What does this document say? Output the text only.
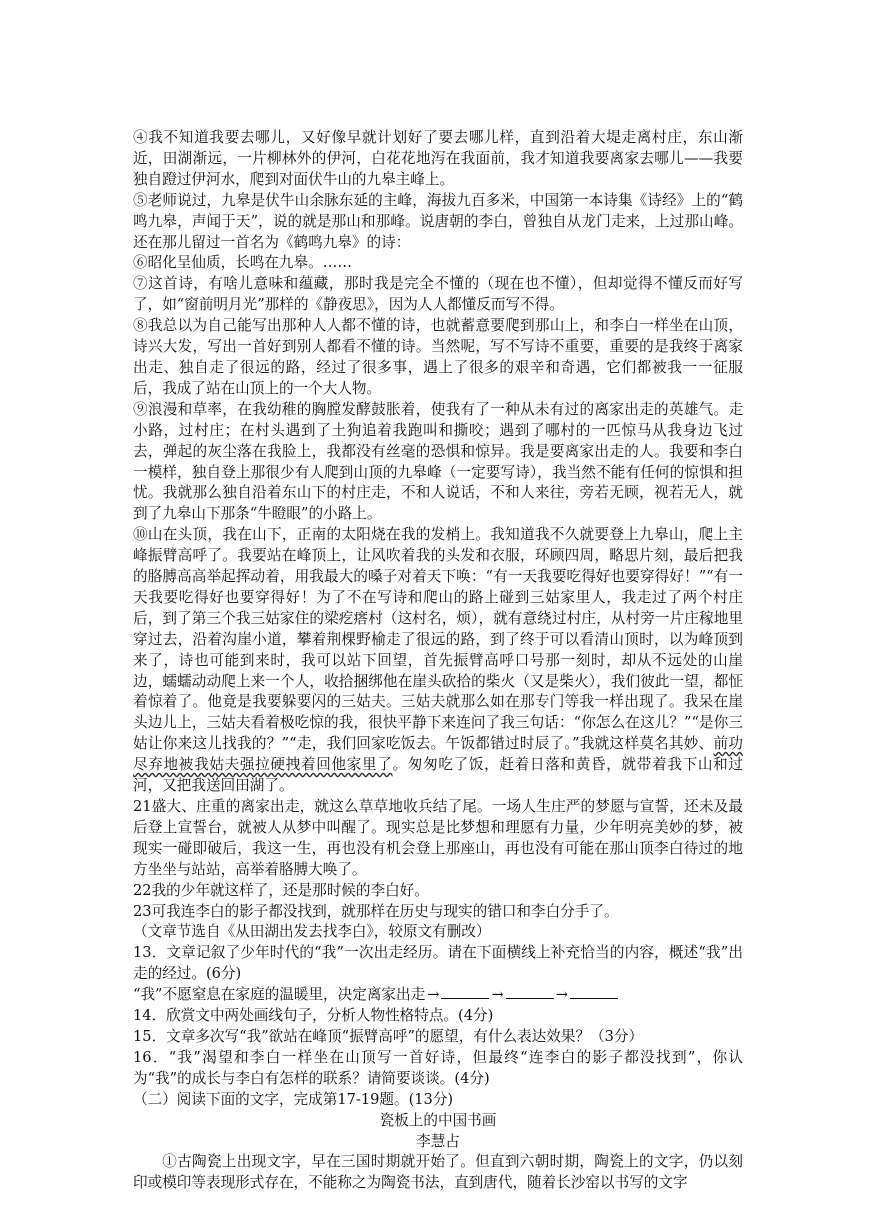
④我不知道我要去哪儿，又好像早就计划好了要去哪儿样，直到沿着大堤走离村庄，东山渐近，田湖渐远，一片柳林外的伊河，白花花地泻在我面前，我才知道我要离家去哪儿——我要独自蹬过伊河水，爬到对面伏牛山的九皋主峰上。

⑤老师说过，九皋是伏牛山余脉东延的主峰，海拔九百多米，中国第一本诗集《诗经》上的“鹤鸣九皋，声闻于天”，说的就是那山和那峰。说唐朝的李白，曾独自从龙门走来，上过那山峰。还在那儿留过一首名为《鹤鸣九皋》的诗：

⑥昭化呈仙质，长鸣在九皋。……

⑦这首诗，有啥儿意味和蕴藏，那时我是完全不懂的（现在也不懂），但却觉得不懂反而好写了，如“窗前明月光”那样的《静夜思》，因为人人都懂反而写不得。

⑧我总以为自己能写出那种人人都不懂的诗，也就蓄意要爬到那山上，和李白一样坐在山顶，诗兴大发，写出一首好到别人都看不懂的诗。当然呢，写不写诗不重要，重要的是我终于离家出走、独自走了很远的路，经过了很多事，遇上了很多的艰辛和奇遇，它们都被我一一征服后，我成了站在山顶上的一个大人物。

⑨浪漫和草率，在我幼稚的胸膛发酵鼓胀着，使我有了一种从未有过的离家出走的英雄气。走小路，过村庄；在村头遇到了土狗追着我跑叫和撕咬；遇到了哪村的一匹惊马从我身边飞过去，弹起的灰尘落在我脸上，我都没有丝毫的恐惧和惊异。我是要离家出走的人。我要和李白一模样，独自登上那很少有人爬到山顶的九皋峰（一定要写诗），我当然不能有任何的惊惧和担忧。我就那么独自沿着东山下的村庄走，不和人说话，不和人来往，旁若无顾，视若无人，就到了九皋山下那条“牛瞪眼”的小路上。

⑩山在头顶，我在山下，正南的太阳烧在我的发梢上。我知道我不久就要登上九皋山，爬上主峰振臂高呼了。我要站在峰顶上，让风吹着我的头发和衣服，环顾四周，略思片刻，最后把我的胳膊高高举起挥动着，用我最大的嗓子对着天下唤：“有一天我要吃得好也要穿得好！”“有一天我要吃得好也要穿得好！为了不在写诗和爬山的路上碰到三姑家里人，我走过了两个村庄后，到了第三个我三姑家住的梁疙瘩村（这村名，烦），就有意绕过村庄，从村旁一片庄稼地里穿过去，沿着沟崖小道，攀着荆棵野榆走了很远的路，到了终于可以看清山顶时，以为峰顶到来了，诗也可能到来时，我可以站下回望，首先振臂高呼口号那一刻时，却从不远处的山崖边，蠕蠕动动爬上来一个人，收拾捆绑他在崖头砍拾的柴火（又是柴火），我们彼此一望，都怔着惊着了。他竟是我要躲要闪的三姑夫。三姑夫就那么如在那专门等我一样出现了。我呆在崖头边儿上，三姑夫看着极吃惊的我，很快平静下来连问了我三句话：“你怎么在这儿？”“是你三姑让你来这儿找我的？”“走，我们回家吃饭去。午饭都错过时辰了。”我就这样莫名其妙、前功尽弃地被我姑夫强拉硬拽着回他家里了。匆匆吃了饭，赶着日落和黄昏，就带着我下山和过河，又把我送回田湖了。

21盛大、庄重的离家出走，就这么草草地收兵结了尾。一场人生庄严的梦愿与宣誓，还未及最后登上宣誓台，就被人从梦中叫醒了。现实总是比梦想和理愿有力量，少年明亮美妙的梦，被现实一碰即破后，我这一生，再也没有机会登上那座山，再也没有可能在那山顶李白待过的地方坐坐与站站，高举着胳膊大唤了。

22我的少年就这样了，还是那时候的李白好。

23可我连李白的影子都没找到，就那样在历史与现实的错口和李白分手了。

（文章节选自《从田湖出发去找李白》，较原文有删改）

13．文章记叙了少年时代的“我”一次出走经历。请在下面横线上补充恰当的内容，概述“我”出走的经过。(6分)

“我”不愿窒息在家庭的温暖里，决定离家出走 →	→	→

14．欣赏文中两处画线句子，分析人物性格特点。(4分)

15．文章多次写“我”欲站在峰顶“振臂高呼”的愿望，有什么表达效果？（3分）

16．“我”渴望和李白一样坐在山顶写一首好诗，但最终“连李白的影子都没找到”，你认为“我”的成长与李白有怎样的联系？请简要谈谈。(4分)

（二）阅读下面的文字，完成第17-19题。(13分)

瓷板上的中国书画

李慧占

①古陶瓷上出现文字，早在三国时期就开始了。但直到六朝时期，陶瓷上的文字，仍以刻印或模印等表现形式存在，不能称之为陶瓷书法，直到唐代，随着长沙窑以书写的文字
